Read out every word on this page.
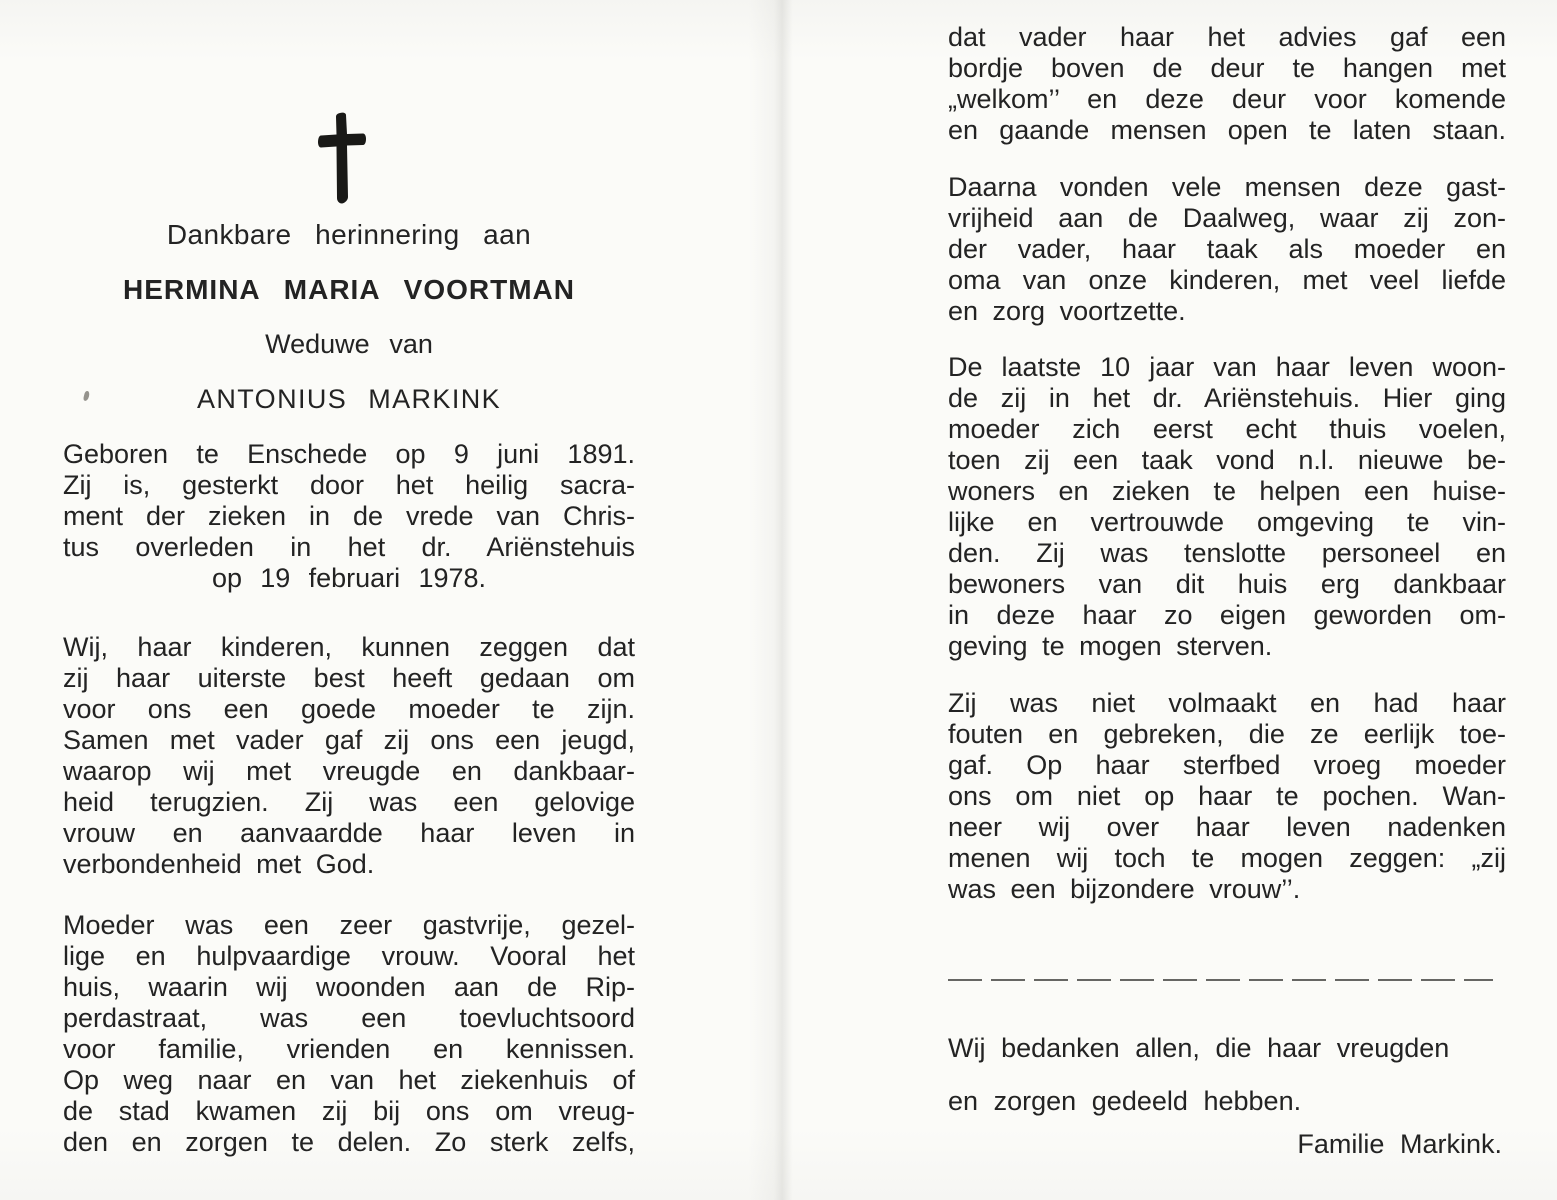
Dankbare herinnering aan
HERMINA MARIA VOORTMAN
Weduwe van
ANTONIUS MARKINK
Geboren te Enschede op 9 juni 1891.
Zij is, gesterkt door het heilig sacra-
ment der zieken in de vrede van Chris-
tus overleden in het dr. Ariënstehuis
op 19 februari 1978.
Wij, haar kinderen, kunnen zeggen dat
zij haar uiterste best heeft gedaan om
voor ons een goede moeder te zijn.
Samen met vader gaf zij ons een jeugd,
waarop wij met vreugde en dankbaar-
heid terugzien. Zij was een gelovige
vrouw en aanvaardde haar leven in
verbondenheid met God.
Moeder was een zeer gastvrije, gezel-
lige en hulpvaardige vrouw. Vooral het
huis, waarin wij woonden aan de Rip-
perdastraat, was een toevluchtsoord
voor familie, vrienden en kennissen.
Op weg naar en van het ziekenhuis of
de stad kwamen zij bij ons om vreug-
den en zorgen te delen. Zo sterk zelfs,
dat vader haar het advies gaf een
bordje boven de deur te hangen met
„welkom’’ en deze deur voor komende
en gaande mensen open te laten staan.
Daarna vonden vele mensen deze gast-
vrijheid aan de Daalweg, waar zij zon-
der vader, haar taak als moeder en
oma van onze kinderen, met veel liefde
en zorg voortzette.
De laatste 10 jaar van haar leven woon-
de zij in het dr. Ariënstehuis. Hier ging
moeder zich eerst echt thuis voelen,
toen zij een taak vond n.l. nieuwe be-
woners en zieken te helpen een huise-
lijke en vertrouwde omgeving te vin-
den. Zij was tenslotte personeel en
bewoners van dit huis erg dankbaar
in deze haar zo eigen geworden om-
geving te mogen sterven.
Zij was niet volmaakt en had haar
fouten en gebreken, die ze eerlijk toe-
gaf. Op haar sterfbed vroeg moeder
ons om niet op haar te pochen. Wan-
neer wij over haar leven nadenken
menen wij toch te mogen zeggen: „zij
was een bijzondere vrouw’’.
Wij bedanken allen, die haar vreugden
en zorgen gedeeld hebben.
Familie Markink.
